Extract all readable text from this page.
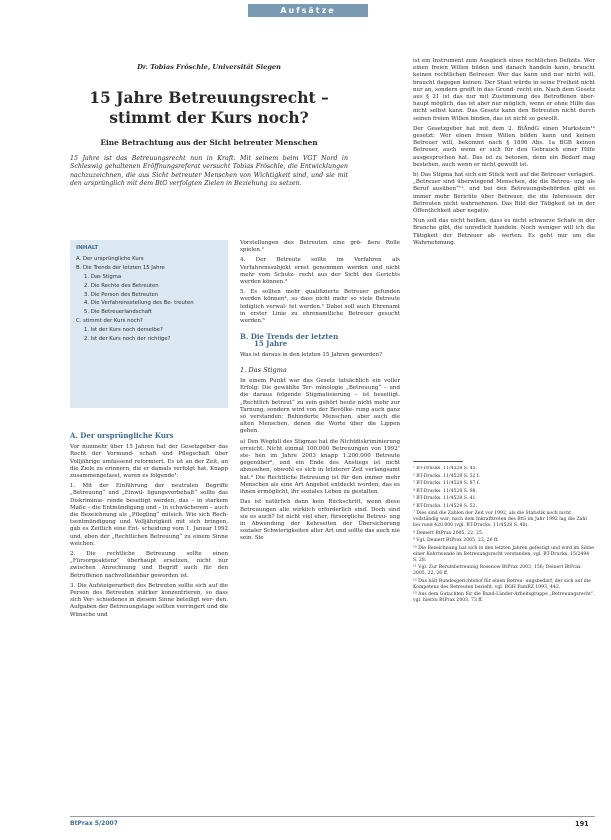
Aufsätze
Dr. Tobias Fröschle, Universität Siegen
15 Jahre Betreuungsrecht –
stimmt der Kurs noch?
Eine Betrachtung aus der Sicht betreuter Menschen
15 Jahre ist das Betreuungsrecht nun in Kraft. Mit seinem beim VGT Nord in Schleswig gehaltenen Eröffnungsreferat versucht Tobias Fröschle, die Entwicklungen nachzuzeichnen, die aus Sicht betreuter Menschen von Wichtigkeit sind, und sie mit den ursprünglich mit dem BtG verfolgten Zielen in Beziehung zu setzen.
INHALT
A. Der ursprüngliche Kurs
B. Die Trends der letzten 15 Jahre
1. Das Stigma
2. Die Rechte des Betreuten
3. Die Person des Betreuten
4. Die Verfahrensstellung des Be- treuten
5. Die Betreuerlandschaft
C. stimmt der Kurs noch?
1. Ist der Kurs noch derselbe?
2. Ist der Kurs noch der richtige?
A. Der ursprüngliche Kurs

Vor nunmehr über 15 Jahren hat der Gesetzgeber das Recht der Vormund- schaft und Pflegschaft über Volljährige umfassend reformiert. Es ist an der Zeit, an die Ziele zu erinnern, die er damals verfolgt hat. Knapp zusammengefasst, waren es folgende¹:

1. Mit der Einführung der neutralen Begriffe „Betreuung“ und „Einwil- ligungsvorbehalt“ sollte das Diskriminie- rende beseitigt werden, das – in starkem Maße – die Entmündigung und – in schwächerem – auch die Bezeichnung als „Pflegling“ mitsich. Wie sich Rech- tsentmündigung und Volljährigkeit mit sich bringen, gab es Zeitlich eine Ent- scheidung vom 1. Januar 1992 und, eben der „Rechtlichen Betreuung“ zu einem Sinne weichen.

2. Die rechtliche Betreuung sollte einen „Fürsorgeaktenz“ überhaupt ersetzen, nicht nur zwischen Anrechnung und Begriff auch für den Betroffenen nachvollziehbar geworden ist.

3. Die Aufsteigerarbeit des Betreuten sollte sich auf die Person des Betreuten stärker konzentrieren, so dass sich Ver- schiedenes in diesem Sinne beteiligt wer- den. Aufgaben der Betreuungstage sollten verringert und die Wünsche und

Vorstellungen des Betreuten eine grö- ßere Rolle spielen.²

4. Der Betreute sollte im Verfahren als Verfahrenssubjekt ernst genommen werden und nicht mehr vom Schutz- recht aus der Sicht des Gerichts werden können.³

5. Es sollten mehr qualifizierte Betreuer gefunden werden können⁴, so dass nicht mehr so viele Betreute lediglich verwal- tet werden.⁵ Dabei soll auch Ehrenamt in erster Linie zu ehrenamtliche Betreuer gesucht werden.⁶

B. Die Trends der letzten
15 Jahre

Was ist daraus in den letzten 15 Jahren geworden?

1. Das Stigma

In einem Punkt war das Gesetz tatsächlich ein voller Erfolg: Die gewählte Ter- minologie „Betreuung“ – und die daraus folgende Stigmatisierung – ist beseitigt. „Rechtlich betreut“ zu sein gehört heute nicht mehr zur Tarnung, sondern wird von der Bevölke- rung auch ganz so verstanden: Behinderte Menschen, aber auch die alten Menschen, denen die Worte über die Lippen gehen.

a) Den Wegfall des Stigmas hat die Nichtdiskriminierung erreicht. Nicht einmal 100.000 Betreuungen von 1992⁷ ste- hen im Jahre 2003 knapp 1.200.000 Betreute gegenüber⁸, und ein Ende des Anstiegs ist nicht abzusehen, obwohl es sich in letzterer Zeit verlangsamt hat.⁹ Die Rechtliche Betreuung ist für den immer mehr Menschen als eine Art Angebot entdeckt worden, das es ihnen ermöglicht, ihr soziales Leben zu gestalten.

Das ist natürlich dann kein Rückschritt, wenn diese Betreuungen alle wirklich erforderlich sind. Doch sind sie es auch? Ist nicht viel eher, fürsorgliche Betreu- ung in Abwendung der Kehrseiten der Übersicherung sozialer Schwierigkeiten aller Art und sollte das auch nie sein. Sie

ist ein Instrument zum Ausgleich eines rechtlichen Defizits. Wer einen freien Willen bilden und danach handeln kann, braucht keinen rechtlichen Betreuer. Wer das kann und nur nicht will, braucht dagegen keinen. Der Staat würde in seine Freiheit nicht nur an, sondern greift in das Grund- recht ein. Nach dem Gesetz aus § 21 ist das nur mit Zustimmung des Betroffenen über- haupt möglich, das ist aber nur möglich, wenn er ohne Hilfe das nicht selbst kann. Das Gesetz kann den Betreuten nicht durch seinen freien Willen binden, das ist nicht so gewollt.

Der Gesetzgeber hat mit dem 2. BtÄndG einen Markstein¹⁰ gesetzt: Wer einen freien Willen bilden kann und keinen Betreuer will, bekommt nach § 1896 Abs. 1a BGB keinen Betreuer, auch wenn er sich für den Gebrauch einer Hilfe ausgesprochen hat. Das ist zu betonen, denn ein Bedarf mag bestehen, auch wenn er nicht gewollt ist.

b) Das Stigma hat sich ein Stück weit auf die Betreuer verlagert. „Betreuer sind überwiegend Menschen, die die Betreu- ung als Beruf ausüben“¹¹, und bei den Betreuungsbehörden gibt es immer mehr Berichte über Betreuer, die die Interessen der Betreuten nicht wahrnehmen. Das Bild der Tätigkeit ist in der Öffentlichkeit aber negativ.

Nun soll das nicht heißen, dass es nicht schwarze Schafe in der Branche gibt, die unredlich handeln. Noch weniger will ich die Tätigkeit der Betreuer ab- werten. Es geht mir um die Wahrnehmung.

¹ BT-Drucks. 11/4528 S. 45.

² BT-Drucks. 11/4528 S. 52 f.

³ BT-Drucks. 11/4528 S. 87 f.

⁴ BT-Drucks. 11/4528 S. 98.

⁵ BT-Drucks. 11/4528 S. 41.

⁶ BT-Drucks. 11/4528 S. 52.

⁷ Dies sind die Zahlen der Zeit vor 1992, als die Statistik noch nicht vollständig war; nach dem Inkrafttreten des BtG im Jahr 1992 lag die Zahl bei rund 420.000 (vgl. BT-Drucks. 11/4528 S. 40).

⁸ Deinert BtPrax 2005, 22, 25.

⁹ Vgl. Deinert BtPrax 2005, 22, 26 ff.

¹⁰ Die Bezeichnung hat sich in den letzten Jahren gefestigt und wird im Sinne einer Kehrtwende im Betreuungsrecht verstanden, vgl. BT-Drucks. 15/2494 S. 28.

¹¹ Vgl. Zur Berufsbetreuung Rosenow BtPrax 2003, 156; Deinert BtPrax 2005, 22, 26 ff.

¹² Das hält Bundesgerichtshof für einen Betreu- ungsbedarf, der sich auf die Kompetenz des Betreuten bezieht, vgl. BGH FamRZ 1993, 442.

¹³ Aus dem Gutachten für die Bund-Länder-Arbeitsgruppe „Betreuungsrecht“, vgl. hierzu BtPrax 2003, 73 ff.

BtPrax 5/2007	191
